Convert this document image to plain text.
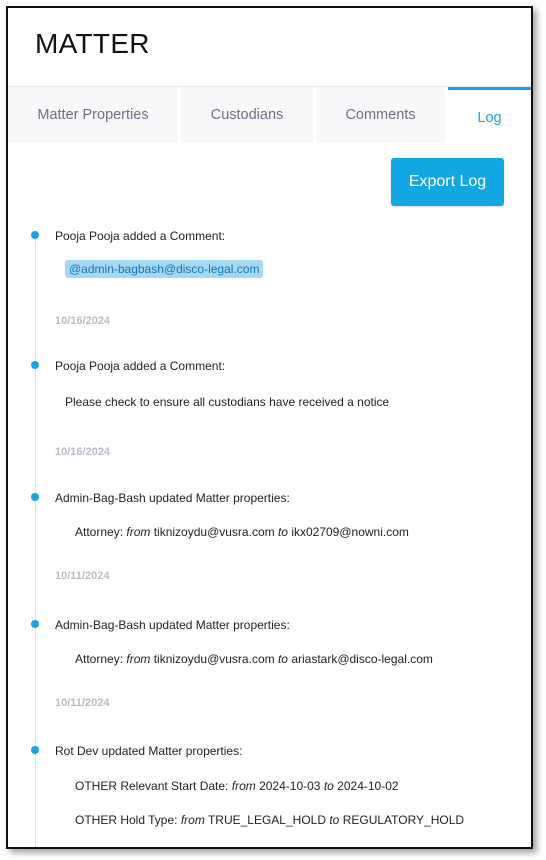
MATTER
Matter Properties	Custodians	Comments	Log
Export Log
Pooja Pooja added a Comment:
@admin-bagbash@disco-legal.com
10/16/2024
Pooja Pooja added a Comment:
Please check to ensure all custodians have received a notice
10/16/2024
Admin-Bag-Bash updated Matter properties:
Attorney: from tiknizoydu@vusra.com to ikx02709@nowni.com
10/11/2024
Admin-Bag-Bash updated Matter properties:
Attorney: from tiknizoydu@vusra.com to ariastark@disco-legal.com
10/11/2024
Rot Dev updated Matter properties:
OTHER Relevant Start Date: from 2024-10-03 to 2024-10-02
OTHER Hold Type: from TRUE_LEGAL_HOLD to REGULATORY_HOLD
